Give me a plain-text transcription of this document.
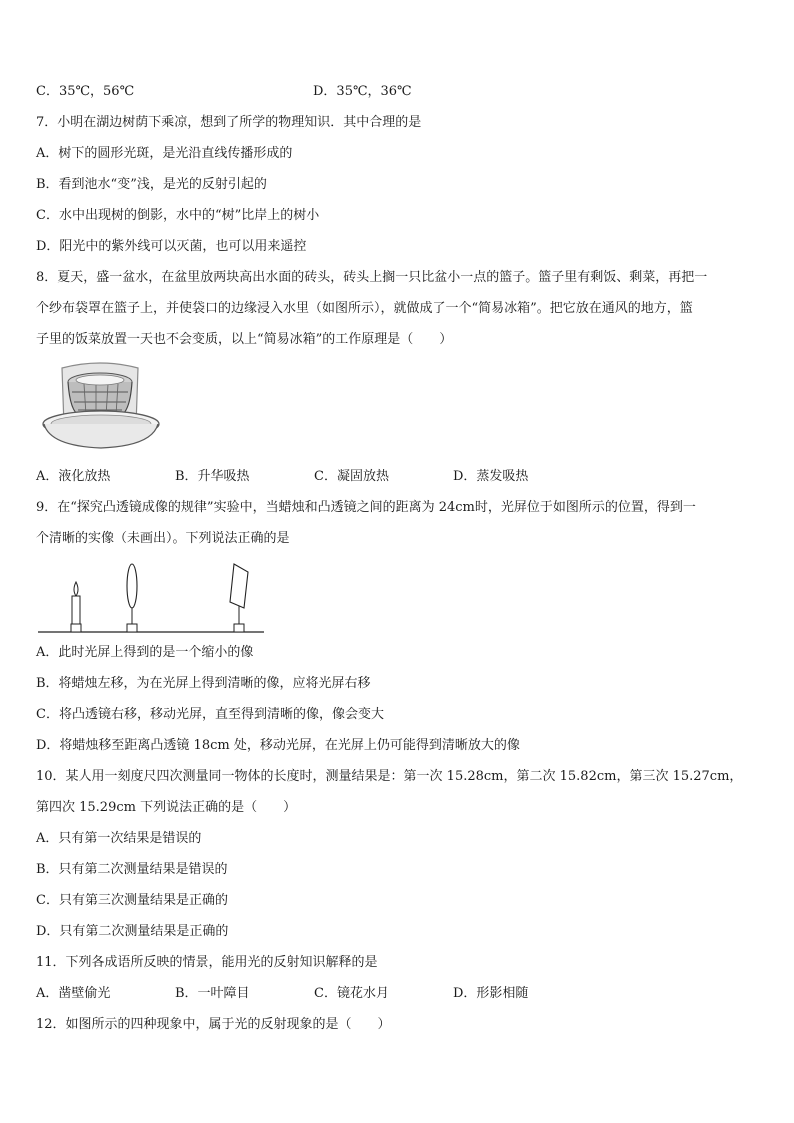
C．35℃，56℃	D．35℃，36℃
7．小明在湖边树荫下乘凉，想到了所学的物理知识．其中合理的是
A．树下的圆形光斑，是光沿直线传播形成的
B．看到池水“变”浅，是光的反射引起的
C．水中出现树的倒影，水中的“树”比岸上的树小
D．阳光中的紫外线可以灭菌，也可以用来遥控
8．夏天，盛一盆水，在盆里放两块高出水面的砖头，砖头上搁一只比盆小一点的篮子。篮子里有剩饭、剩菜，再把一
个纱布袋罩在篮子上，并使袋口的边缘浸入水里（如图所示），就做成了一个“简易冰箱”。把它放在通风的地方，篮
子里的饭菜放置一天也不会变质，以上“简易冰箱”的工作原理是（　　）
A．液化放热	B．升华吸热	C．凝固放热	D．蒸发吸热
9．在“探究凸透镜成像的规律”实验中，当蜡烛和凸透镜之间的距离为 24cm时，光屏位于如图所示的位置，得到一
个清晰的实像（未画出）。下列说法正确的是
A．此时光屏上得到的是一个缩小的像
B．将蜡烛左移，为在光屏上得到清晰的像，应将光屏右移
C．将凸透镜右移，移动光屏，直至得到清晰的像，像会变大
D．将蜡烛移至距离凸透镜 18cm 处，移动光屏，在光屏上仍可能得到清晰放大的像
10．某人用一刻度尺四次测量同一物体的长度时，测量结果是：第一次 15.28cm，第二次 15.82cm，第三次 15.27cm，
第四次 15.29cm 下列说法正确的是（　　）
A．只有第一次结果是错误的
B．只有第二次测量结果是错误的
C．只有第三次测量结果是正确的
D．只有第二次测量结果是正确的
11．下列各成语所反映的情景，能用光的反射知识解释的是
A．凿壁偷光	B．一叶障目	C．镜花水月	D．形影相随
12．如图所示的四种现象中，属于光的反射现象的是（　　）
